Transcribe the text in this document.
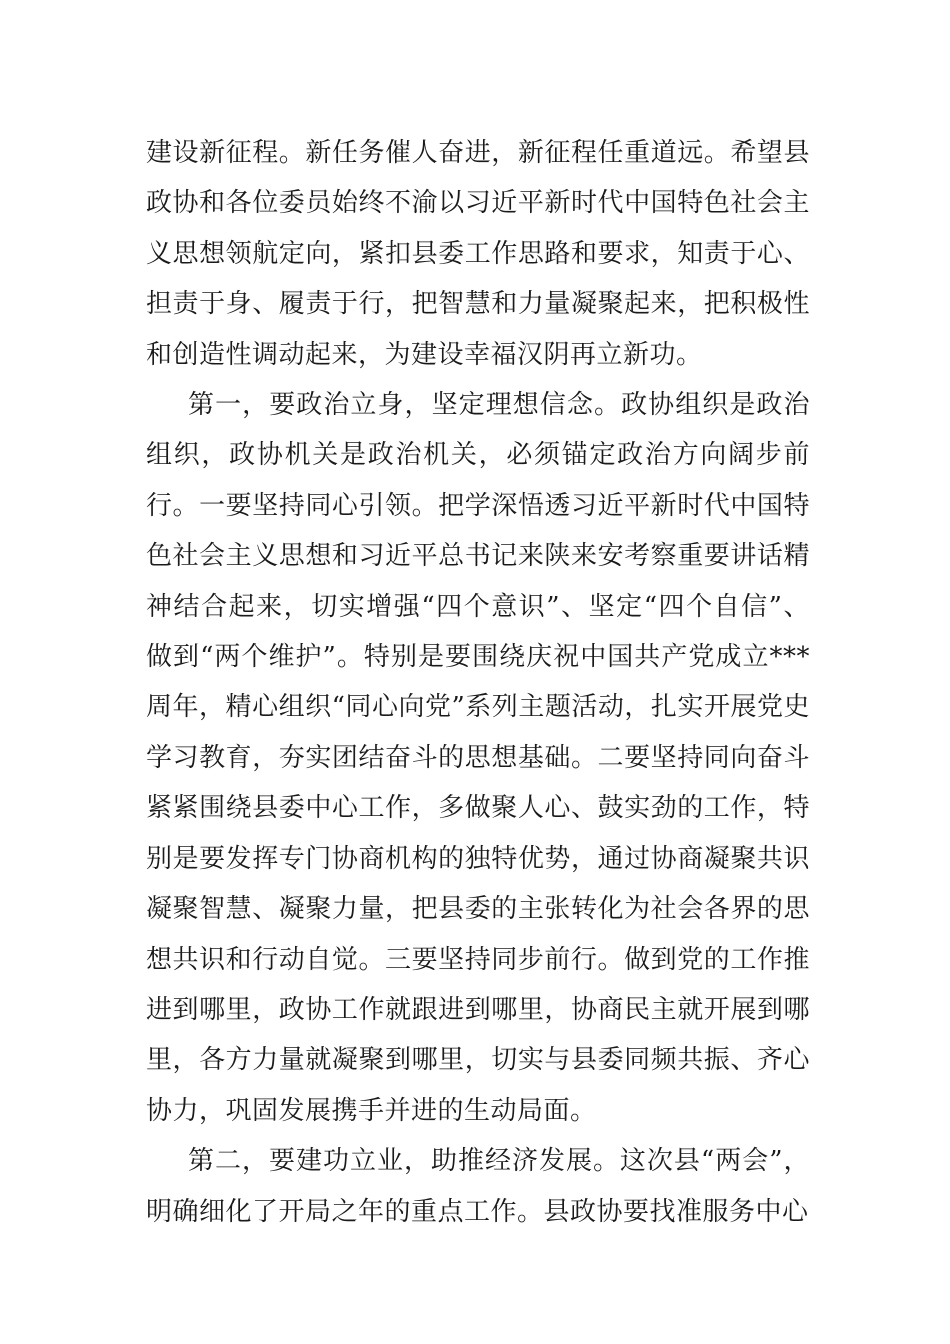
建设新征程。新任务催人奋进，新征程任重道远。希望县政协和各位委员始终不渝以习近平新时代中国特色社会主义思想领航定向，紧扣县委工作思路和要求，知责于心、担责于身、履责于行，把智慧和力量凝聚起来，把积极性和创造性调动起来，为建设幸福汉阴再立新功。

第一，要政治立身，坚定理想信念。政协组织是政治组织，政协机关是政治机关，必须锚定政治方向阔步前行。一要坚持同心引领。把学深悟透习近平新时代中国特色社会主义思想和习近平总书记来陕来安考察重要讲话精神结合起来，切实增强“四个意识”、坚定“四个自信”、做到“两个维护”。特别是要围绕庆祝中国共产党成立***周年，精心组织“同心向党”系列主题活动，扎实开展党史学习教育，夯实团结奋斗的思想基础。二要坚持同向奋斗紧紧围绕县委中心工作，多做聚人心、鼓实劲的工作，特别是要发挥专门协商机构的独特优势，通过协商凝聚共识凝聚智慧、凝聚力量，把县委的主张转化为社会各界的思想共识和行动自觉。三要坚持同步前行。做到党的工作推进到哪里，政协工作就跟进到哪里，协商民主就开展到哪里，各方力量就凝聚到哪里，切实与县委同频共振、齐心协力，巩固发展携手并进的生动局面。

第二，要建功立业，助推经济发展。这次县“两会”，明确细化了开局之年的重点工作。县政协要找准服务中心
